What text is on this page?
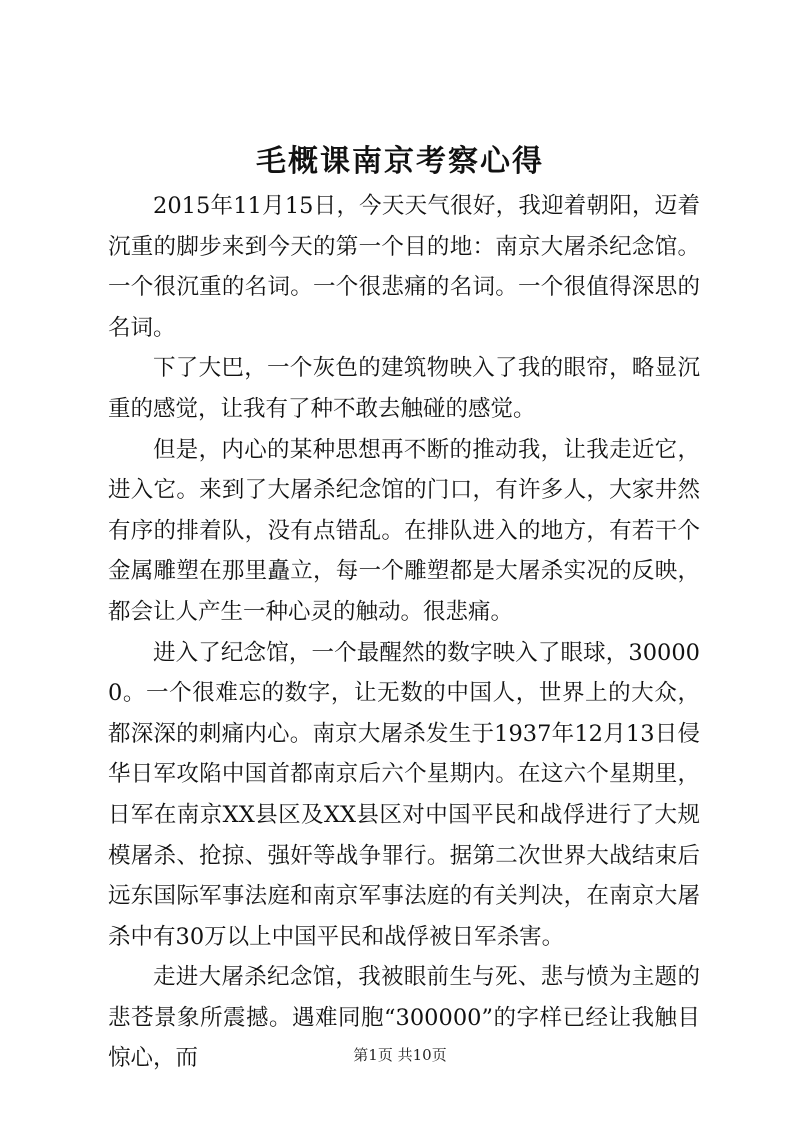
毛概课南京考察心得

2015年11月15日，今天天气很好，我迎着朝阳，迈着沉重的脚步来到今天的第一个目的地：南京大屠杀纪念馆。一个很沉重的名词。一个很悲痛的名词。一个很值得深思的名词。

下了大巴，一个灰色的建筑物映入了我的眼帘，略显沉重的感觉，让我有了种不敢去触碰的感觉。

但是，内心的某种思想再不断的推动我，让我走近它，进入它。来到了大屠杀纪念馆的门口，有许多人，大家井然有序的排着队，没有点错乱。在排队进入的地方，有若干个金属雕塑在那里矗立，每一个雕塑都是大屠杀实况的反映，都会让人产生一种心灵的触动。很悲痛。

进入了纪念馆，一个最醒然的数字映入了眼球，300000。一个很难忘的数字，让无数的中国人，世界上的大众，都深深的刺痛内心。南京大屠杀发生于1937年12月13日侵华日军攻陷中国首都南京后六个星期内。在这六个星期里，日军在南京XX县区及XX县区对中国平民和战俘进行了大规模屠杀、抢掠、强奸等战争罪行。据第二次世界大战结束后远东国际军事法庭和南京军事法庭的有关判决，在南京大屠杀中有30万以上中国平民和战俘被日军杀害。

走进大屠杀纪念馆，我被眼前生与死、悲与愤为主题的悲苍景象所震撼。遇难同胞“300000”的字样已经让我触目惊心，而	第1页 共10页
